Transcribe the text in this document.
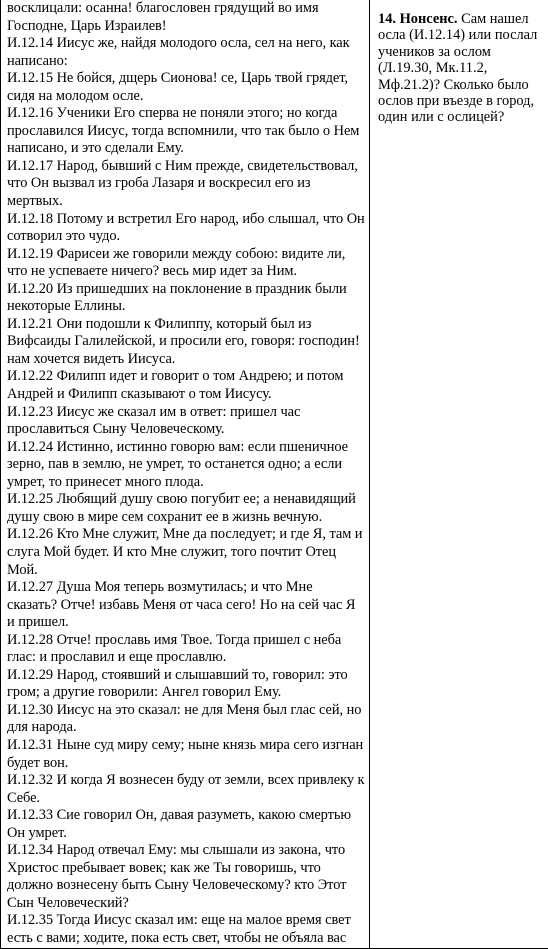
восклицали: осанна! благословен грядущий во имя Господне, Царь Израилев!

И.12.14 Иисус же, найдя молодого осла, сел на него, как написано:

И.12.15 Не бойся, дщерь Сионова! се, Царь твой грядет, сидя на молодом осле.

И.12.16 Ученики Его сперва не поняли этого; но когда прославился Иисус, тогда вспомнили, что так было о Нем написано, и это сделали Ему.

И.12.17 Народ, бывший с Ним прежде, свидетельствовал, что Он вызвал из гроба Лазаря и воскресил его из мертвых.

И.12.18 Потому и встретил Его народ, ибо слышал, что Он сотворил это чудо.

И.12.19 Фарисеи же говорили между собою: видите ли, что не успеваете ничего? весь мир идет за Ним.

И.12.20 Из пришедших на поклонение в праздник были некоторые Еллины.

И.12.21 Они подошли к Филиппу, который был из Вифсаиды Галилейской, и просили его, говоря: господин! нам хочется видеть Иисуса.

И.12.22 Филипп идет и говорит о том Андрею; и потом Андрей и Филипп сказывают о том Иисусу.

И.12.23 Иисус же сказал им в ответ: пришел час прославиться Сыну Человеческому.

И.12.24 Истинно, истинно говорю вам: если пшеничное зерно, пав в землю, не умрет, то останется одно; а если умрет, то принесет много плода.

И.12.25 Любящий душу свою погубит ее; а ненавидящий душу свою в мире сем сохранит ее в жизнь вечную.

И.12.26 Кто Мне служит, Мне да последует; и где Я, там и слуга Мой будет. И кто Мне служит, того почтит Отец Мой.

И.12.27 Душа Моя теперь возмутилась; и что Мне сказать? Отче! избавь Меня от часа сего! Но на сей час Я и пришел.

И.12.28 Отче! прославь имя Твое. Тогда пришел с неба глас: и прославил и еще прославлю.

И.12.29 Народ, стоявший и слышавший то, говорил: это гром; а другие говорили: Ангел говорил Ему.

И.12.30 Иисус на это сказал: не для Меня был глас сей, но для народа.

И.12.31 Ныне суд миру сему; ныне князь мира сего изгнан будет вон.

И.12.32 И когда Я вознесен буду от земли, всех привлеку к Себе.

И.12.33 Сие говорил Он, давая разуметь, какою смертью Он умрет.

И.12.34 Народ отвечал Ему: мы слышали из закона, что Христос пребывает вовек; как же Ты говоришь, что должно вознесену быть Сыну Человеческому? кто Этот Сын Человеческий?

И.12.35 Тогда Иисус сказал им: еще на малое время свет есть с вами; ходите, пока есть свет, чтобы не объяла вас

14. Нонсенс. Сам нашел осла (И.12.14) или послал учеников за ослом (Л.19.30, Мк.11.2, Мф.21.2)? Сколько было ослов при въезде в город, один или с ослицей?
